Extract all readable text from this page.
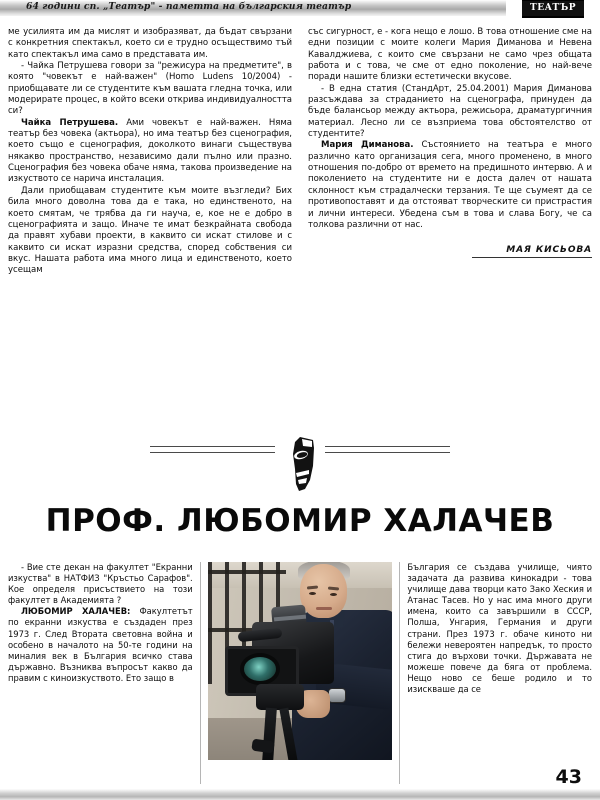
64 години сп. „Театър" - паметта на българския театър	ТЕАТЪР

ме усилията им да мислят и изобразяват, да бъдат свързани с конкретния спектакъл, което си е трудно осъществимо тъй като спектакъл има само в представата им.

- Чайка Петрушева говори за "режисура на предметите", в която "човекът е най-важен" (Homo Ludens 10/2004) - приобщавате ли се студентите към вашата гледна точка, или модерирате процес, в който всеки открива индивидуалността си?

Чайка Петрушева. Ами човекът е най-важен. Няма театър без човека (актьора), но има театър без сценография, което също е сценография, доколкото винаги съществува някакво пространство, независимо дали пълно или празно. Сценография без човека обаче няма, такова произведение на изкуството се нарича инсталация.

Дали приобщавам студентите към моите възгледи? Бих била много доволна това да е така, но единственото, на което смятам, че трябва да ги науча, е, кое не е добро в сценографията и защо. Иначе те имат безкрайната свобода да правят хубави проекти, в каквито си искат стилове и с каквито си искат изразни средства, според собствения си вкус. Нашата работа има много лица и единственото, което усещам

със сигурност, е - кога нещо е лошо. В това отношение сме на едни позиции с моите колеги Мария Диманова и Невена Кавалджиева, с които сме свързани не само чрез общата работа и с това, че сме от едно поколение, но най-вече поради нашите близки естетически вкусове.

- В една статия (СтандАрт, 25.04.2001) Мария Диманова разсъждава за страданието на сценографа, принуден да бъде балансьор между актьора, режисьора, драматургичния материал. Лесно ли се възприема това обстоятелство от студентите?

Мария Диманова. Състоянието на театъра е много различно като организация сега, много променено, в много отношения по-добро от времето на предишното интервю. А и поколението на студентите ни е доста далеч от нашата склонност към страдалчески терзания. Те ще съумеят да се противопоставят и да отстояват творческите си пристрастия и лични интереси. Убедена съм в това и слава Богу, че са толкова различни от нас.

МАЯ КИСЬОВА
ПРОФ. ЛЮБОМИР ХАЛАЧЕВ

- Вие сте декан на факултет "Екранни изкуства" в НАТФИЗ "Кръстьо Сарафов". Кое определя присъствието на този факултет в Академията ?

ЛЮБОМИР ХАЛАЧЕВ: Факултетът по екранни изкуства е създаден през 1973 г. След Втората световна война и особено в началото на 50-те години на миналия век в България всичко става държавно. Възниква въпросът какво да правим с киноизкуството. Ето защо в

България се създава училище, чиято задачата да развива кинокадри - това училище дава творци като Зако Хеския и Атанас Тасев. Но у нас има много други имена, които са завършили в СССР, Полша, Унгария, Германия и други страни. През 1973 г. обаче киното ни бележи невероятен напредък, то просто стига до върхови точки. Държавата не можеше повече да бяга от проблема. Нещо ново се беше родило и то изискваше да се

43
